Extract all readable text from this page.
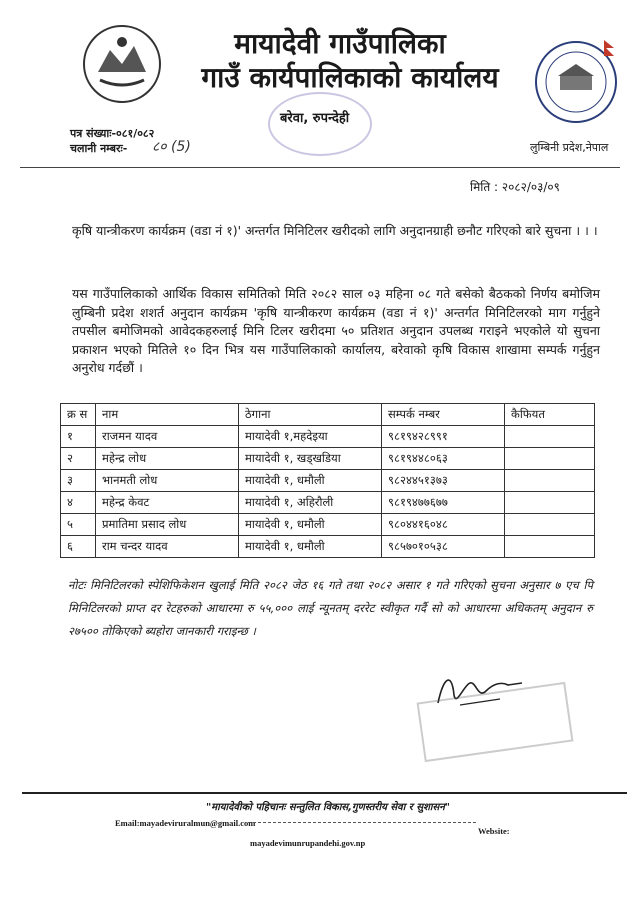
मायादेवी गाउँपालिका
गाउँ कार्यपालिकाको कार्यालय
बरेवा, रुपन्देही
लुम्बिनी प्रदेश,नेपाल
पत्र संख्याः-०८१/०८२
चलानी नम्बरः- ८० (5)
मिति : २०८२/०३/०९
कृषि यान्त्रीकरण कार्यक्रम (वडा नं १)' अन्तर्गत मिनिटिलर खरीदको लागि अनुदानग्राही छनौट गरिएको बारे सुचना । । ।
यस गाउँपालिकाको आर्थिक विकास समितिको मिति २०८२ साल ०३ महिना ०८ गते बसेको बैठकको निर्णय बमोजिम लुम्बिनी प्रदेश शशर्त अनुदान कार्यक्रम 'कृषि यान्त्रीकरण कार्यक्रम (वडा नं १)' अन्तर्गत मिनिटिलरको माग गर्नुहुने तपसील बमोजिमको आवेदकहरुलाई मिनि टिलर खरीदमा ५० प्रतिशत अनुदान उपलब्ध गराइने भएकोले यो सुचना प्रकाशन भएको मितिले १० दिन भित्र यस गाउँपालिकाको कार्यालय, बरेवाको कृषि विकास शाखामा सम्पर्क गर्नुहुन अनुरोध गर्दछौं ।
क्र स	नाम	ठेगाना	सम्पर्क नम्बर	कैफियत
१	राजमन यादव	मायादेवी १,महदेइया	९८१९४२८९९१	
२	महेन्द्र लोध	मायादेवी १, खड्खडिया	९८१९४४८०६३	
३	भानमती लोध	मायादेवी १, धमौली	९८२४४५१३७३	
४	महेन्द्र केवट	मायादेवी १, अहिरौली	९८१९४७७६७७	
५	प्रमातिमा प्रसाद लोध	मायादेवी १, धमौली	९८०४४१६०४८	
६	राम चन्दर यादव	मायादेवी १, धमौली	९८५७०१०५३८	
नोटः मिनिटिलरको स्पेशिफिकेशन खुलाई मिति २०८२ जेठ १६ गते तथा २०८२ असार १ गते गरिएको सुचना अनुसार ७ एच पि मिनिटिलरको प्राप्त दर रेटहरुको आधारमा रु ५५,००० लाई न्यूनतम् दररेट स्वीकृत गर्दै सो को आधारमा अधिकतम् अनुदान रु २७५०० तोकिएको ब्यहोरा जानकारी गराइन्छ ।
"मायादेवीको पहिचानः सन्तुलित विकास,गुणस्तरीय सेवा र सुशासन"
Email:mayadeviruralmun@gmail.com
Website:
mayadevimunrupandehi.gov.np
